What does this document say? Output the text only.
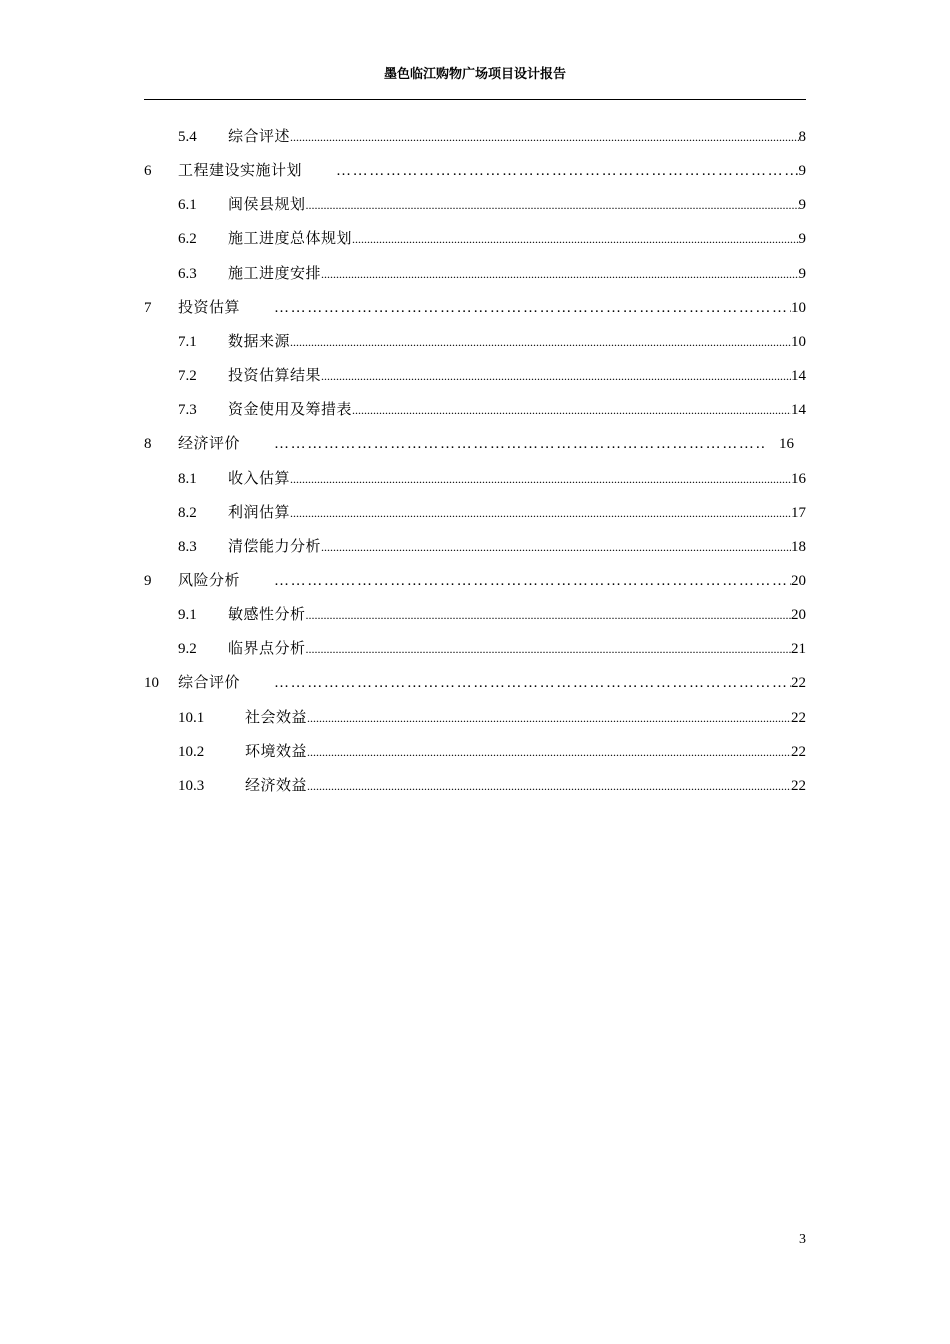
墨色临江购物广场项目设计报告
5.4	综合评述 .....	8
6	工程建设实施计划 ………………………………………………………………………………………………………………………………………………………………………………………………………………………………………	9
6.1	闽侯县规划 .....	9
6.2	施工进度总体规划 .....	9
6.3	施工进度安排 .....	9
7	投资估算 ………………………………………………………………………………………………………………………………………………………………………………………………………………………………………	10
7.1	数据来源 .....	10
7.2	投资估算结果 .....	14
7.3	资金使用及筹措表 .....	14
8	经济评价 ………………………………………………………………………………………………………………………………………………………………………………………………………………………………………	16
8.1	收入估算 .....	16
8.2	利润估算 .....	17
8.3	清偿能力分析 .....	18
9	风险分析 ………………………………………………………………………………………………………………………………………………………………………………………………………………………………………	20
9.1	敏感性分析 .....	20
9.2	临界点分析 .....	21
10	综合评价 ………………………………………………………………………………………………………………………………………………………………………………………………………………………………………	22
10.1	社会效益 .....	22
10.2	环境效益 .....	22
10.3	经济效益 .....	22
3
